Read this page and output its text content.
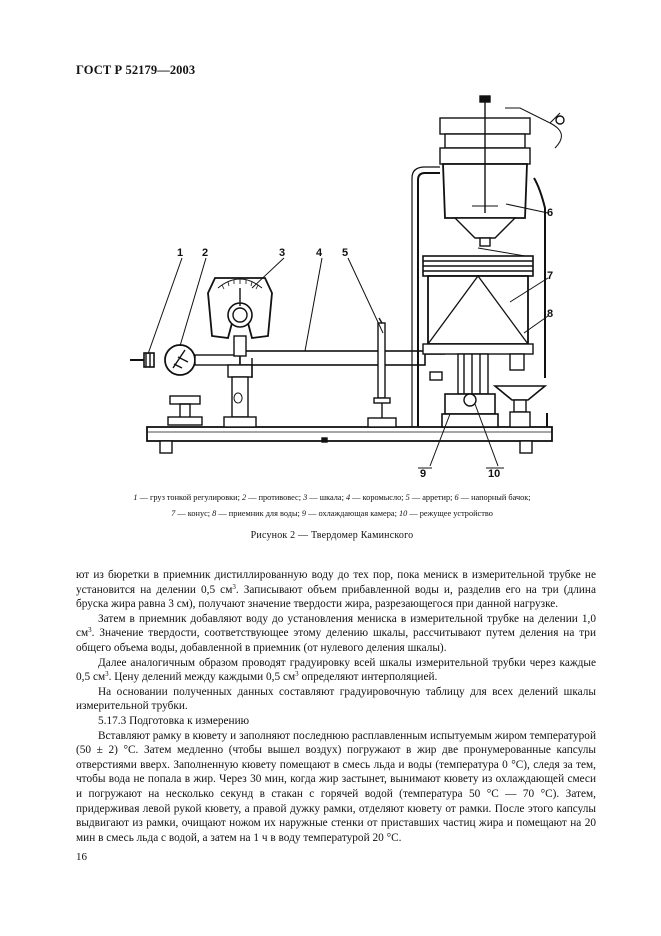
ГОСТ Р 52179—2003
1 2	3	4 5
6
7
8
9	10
1 — груз тонкой регулировки; 2 — противовес; 3 — шкала; 4 — коромысло; 5 — арретир; 6 — напорный бачок;
7 — конус; 8 — приемник для воды; 9 — охлаждающая камера; 10 — режущее устройство
Рисунок 2 — Твердомер Каминского

ют из бюретки в приемник дистиллированную воду до тех пор, пока мениск в измерительной трубке не установится на делении 0,5 $см^3$. Записывают объем прибавленной воды и, разделив его на три (длина бруска жира равна 3 см), получают значение твердости жира, разрезающегося при данной нагрузке.

Затем в приемник добавляют воду до установления мениска в измерительной трубке на делении 1,0 $см^3$. Значение твердости, соответствующее этому делению шкалы, рассчитывают путем деления на три общего объема воды, добавленной в приемник (от нулевого деления шкалы).

Далее аналогичным образом проводят градуировку всей шкалы измерительной трубки через каждые 0,5 $см^3$. Цену делений между каждыми 0,5 $см^3$ определяют интерполяцией.

На основании полученных данных составляют градуировочную таблицу для всех делений шкалы измерительной трубки.

5.17.3 Подготовка к измерению

Вставляют рамку в кювету и заполняют последнюю расплавленным испытуемым жиром температурой (50 ± 2) °С. Затем медленно (чтобы вышел воздух) погружают в жир две пронумерованные капсулы отверстиями вверх. Заполненную кювету помещают в смесь льда и воды (температура 0 °С), следя за тем, чтобы вода не попала в жир. Через 30 мин, когда жир застынет, вынимают кювету из охлаждающей смеси и погружают на несколько секунд в стакан с горячей водой (температура 50 °С — 70 °С). Затем, придерживая левой рукой кювету, а правой дужку рамки, отделяют кювету от рамки. После этого капсулы выдвигают из рамки, очищают ножом их наружные стенки от приставших частиц жира и помещают на 20 мин в смесь льда с водой, а затем на 1 ч в воду температурой 20 °С.

16
